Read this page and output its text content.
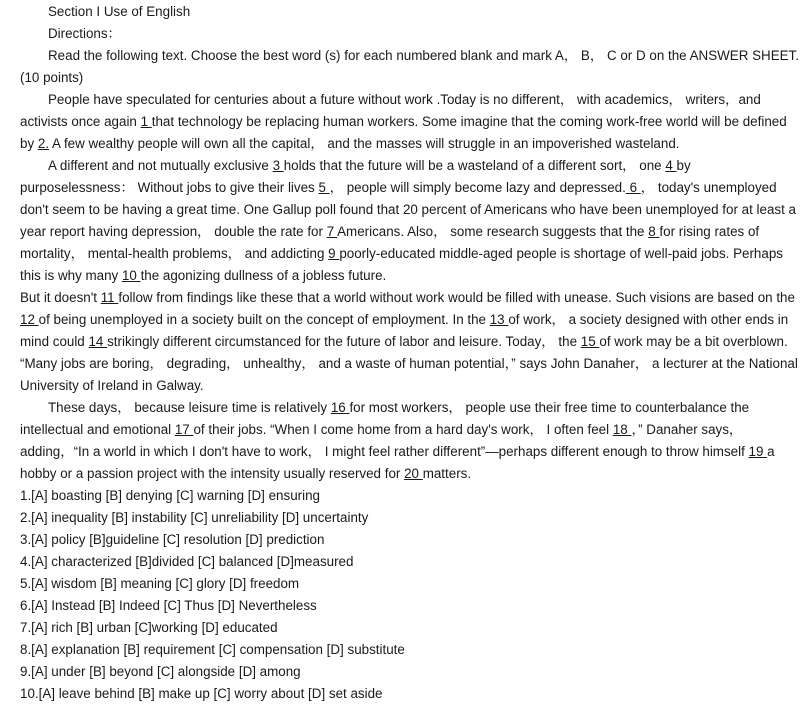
Section I Use of English

Directions：

Read the following text. Choose the best word (s) for each numbered blank and mark A， B， C or D on the ANSWER SHEET. (10 points)

People have speculated for centuries about a future without work .Today is no different， with academics， writers，and activists once again 1 that technology be replacing human workers. Some imagine that the coming work-free world will be defined by 2. A few wealthy people will own all the capital， and the masses will struggle in an impoverished wasteland.

A different and not mutually exclusive 3 holds that the future will be a wasteland of a different sort， one 4 by purposelessness： Without jobs to give their lives 5 ， people will simply become lazy and depressed. 6 ， today's unemployed don't seem to be having a great time. One Gallup poll found that 20 percent of Americans who have been unemployed for at least a year report having depression， double the rate for 7 Americans. Also， some research suggests that the 8 for rising rates of mortality， mental-health problems， and addicting 9 poorly-educated middle-aged people is shortage of well-paid jobs. Perhaps this is why many 10 the agonizing dullness of a jobless future.

But it doesn't 11 follow from findings like these that a world without work would be filled with unease. Such visions are based on the 12 of being unemployed in a society built on the concept of employment. In the 13 of work， a society designed with other ends in mind could 14 strikingly different circumstanced for the future of labor and leisure. Today， the 15 of work may be a bit overblown. “Many jobs are boring， degrading， unhealthy， and a waste of human potential，” says John Danaher， a lecturer at the National University of Ireland in Galway.

These days， because leisure time is relatively 16 for most workers， people use their free time to counterbalance the intellectual and emotional 17 of their jobs. “When I come home from a hard day's work， I often feel 18 ，” Danaher says， adding，“In a world in which I don't have to work， I might feel rather different”—perhaps different enough to throw himself 19 a hobby or a passion project with the intensity usually reserved for 20 matters.

1.[A] boasting [B] denying [C] warning [D] ensuring

2.[A] inequality [B] instability [C] unreliability [D] uncertainty

3.[A] policy [B]guideline [C] resolution [D] prediction

4.[A] characterized [B]divided [C] balanced [D]measured

5.[A] wisdom [B] meaning [C] glory [D] freedom

6.[A] Instead [B] Indeed [C] Thus [D] Nevertheless

7.[A] rich [B] urban [C]working [D] educated

8.[A] explanation [B] requirement [C] compensation [D] substitute

9.[A] under [B] beyond [C] alongside [D] among

10.[A] leave behind [B] make up [C] worry about [D] set aside
